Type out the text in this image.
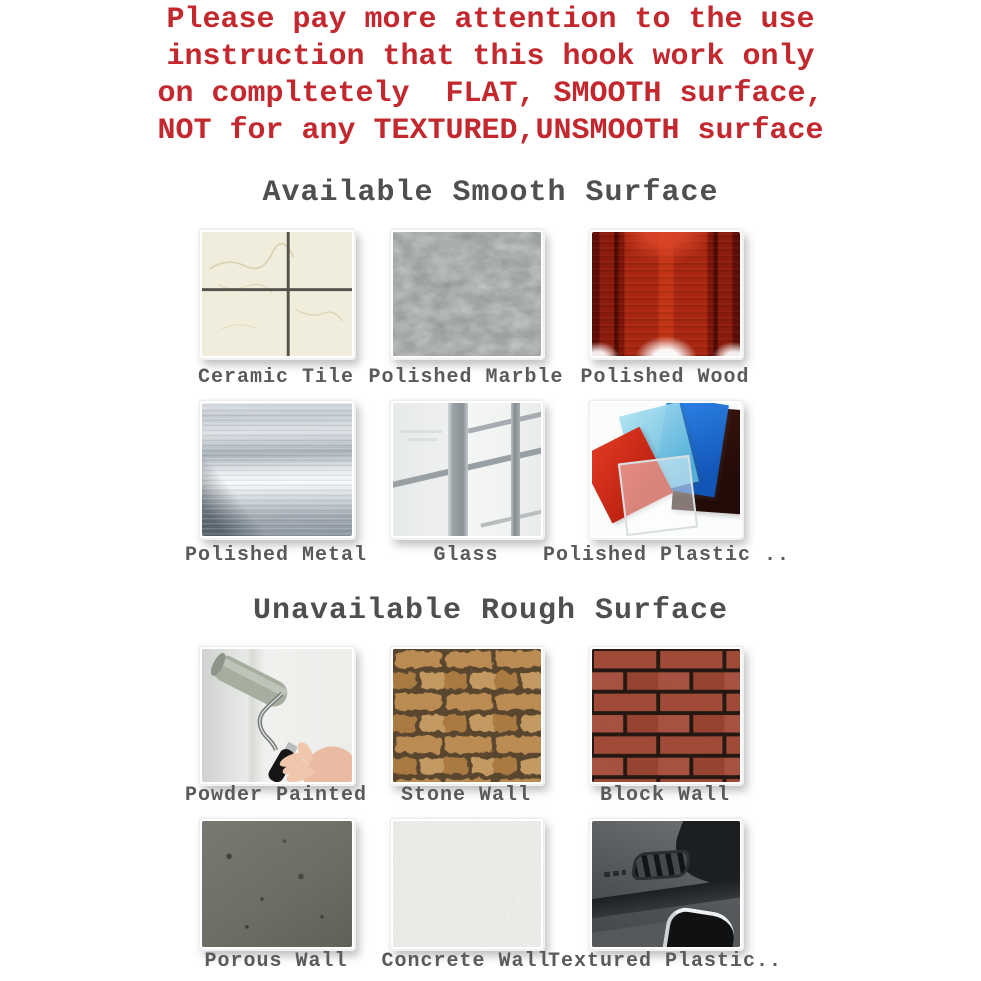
Please pay more attention to the use
instruction that this hook work only
on compltetely  FLAT, SMOOTH surface,
NOT for any TEXTURED,UNSMOOTH surface
Available Smooth Surface
Ceramic Tile Polished Marble Polished Wood
Polished Metal	Glass	Polished Plastic ..
Unavailable Rough Surface
Powder Painted	Stone Wall	Block Wall
Porous Wall	Concrete Wall
Textured Plastic..
